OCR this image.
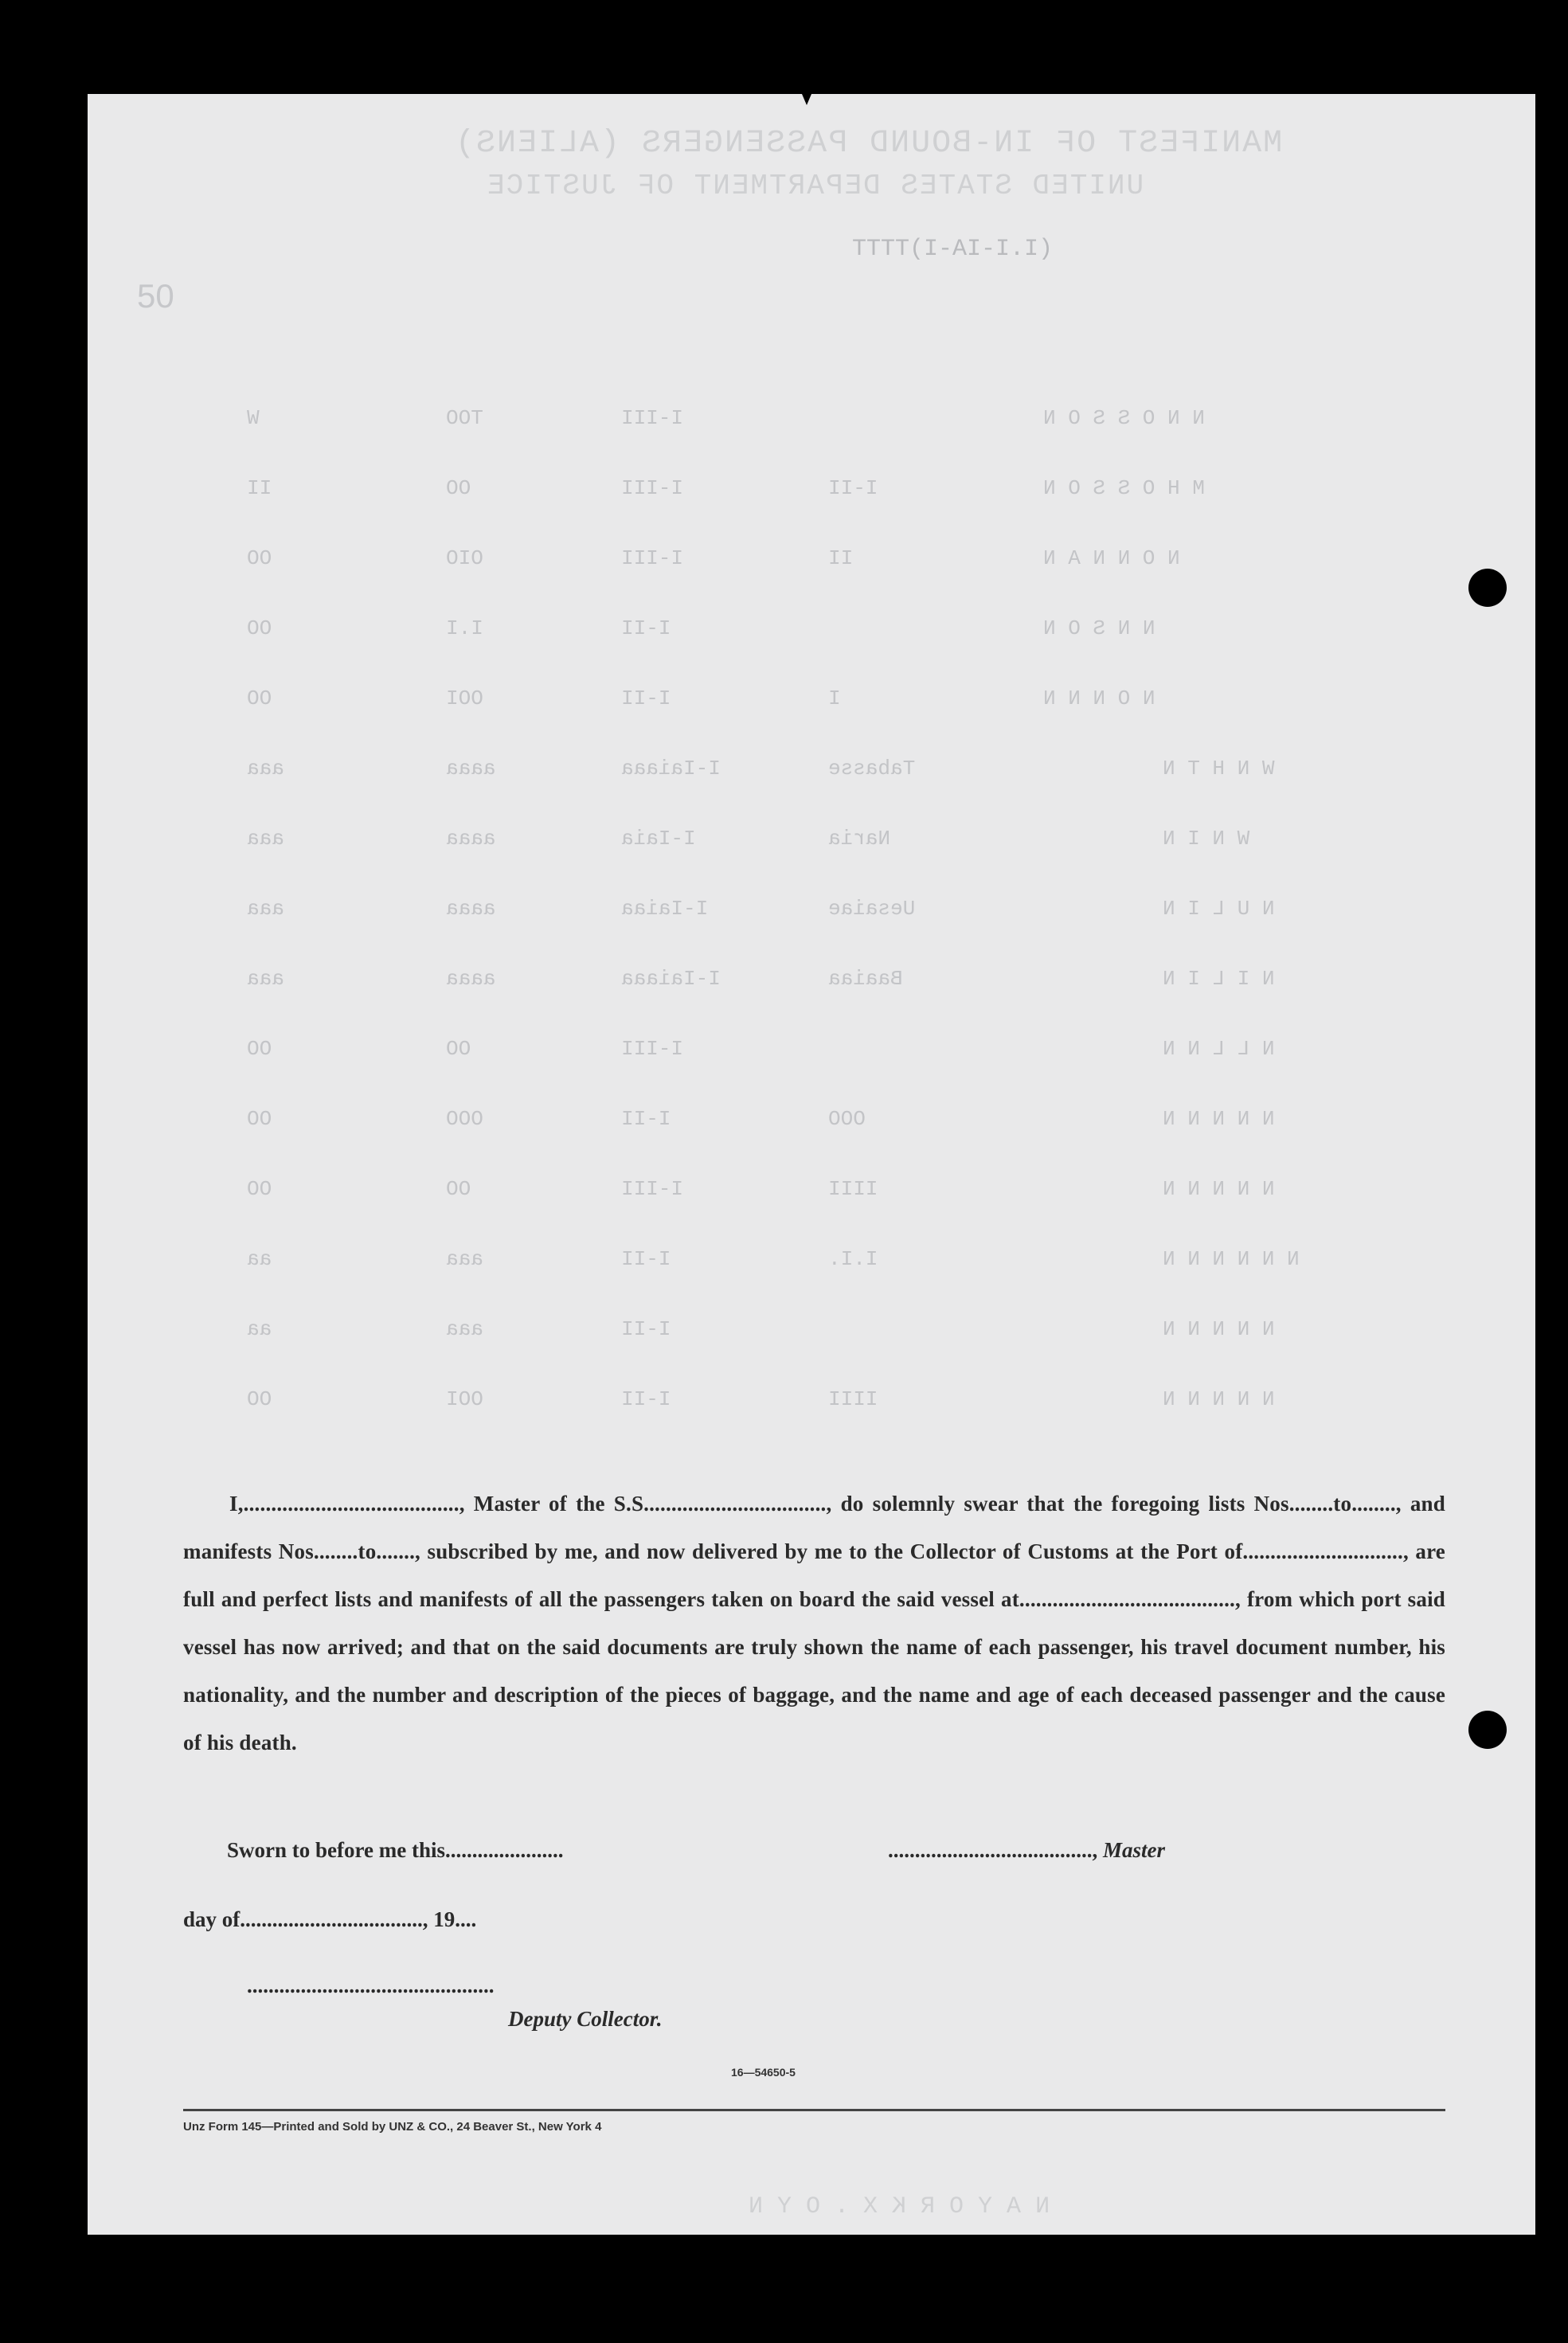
MANIFEST OF IN-BOUND PASSENGERS (ALIENS)
UNITED STATES DEPARTMENT OF JUSTICE
(I.I-IA-I)TTTT
50
N N O S S O N
I-III
TOO
W
M H O S S O N
I-II
I-III
OO
II
N O N N A N
II
I-III
OIO
OO
N N S O N
I-II
I.I
OO
N O N N N
I
I-II
OOI
OO
W N H T N
Tabasse
I-Iaiaaa
aaaa
aaa
W N I N
Naria
I-Iaia
aaaa
aaa
N U L I N
Uesaiae
I-Iaiaa
aaaa
aaa
N I L I N
Baaiaa
I-Iaiaaa
aaaa
aaa
N L L N N
I-III
OO
OO
N N N N N
OOO
I-II
OOO
OO
N N N N N
IIII
I-III
OO
OO
N N N N N N
I.I.
I-II
aaa
aa
N N N N N
I-II
aaa
aa
N N N N N
IIII
I-II
OOI
OO

I,......................................., Master of the S.S................................., do solemnly swear that the foregoing lists Nos........to........, and manifests Nos........to......., subscribed by me, and now delivered by me to the Collector of Customs at the Port of............................., are full and perfect lists and manifests of all the passengers taken on board the said vessel at......................................., from which port said vessel has now arrived; and that on the said documents are truly shown the name of each passenger, his travel document number, his nationality, and the number and description of the pieces of baggage, and the name and age of each deceased passenger and the cause of his death.

Sworn to before me this......................	......................................, Master
day of.................................., 19....
..............................................
Deputy Collector.
16—54650-5
Unz Form 145—Printed and Sold by UNZ & CO., 24 Beaver St., New York 4
N A Y O R K X . O Y N
